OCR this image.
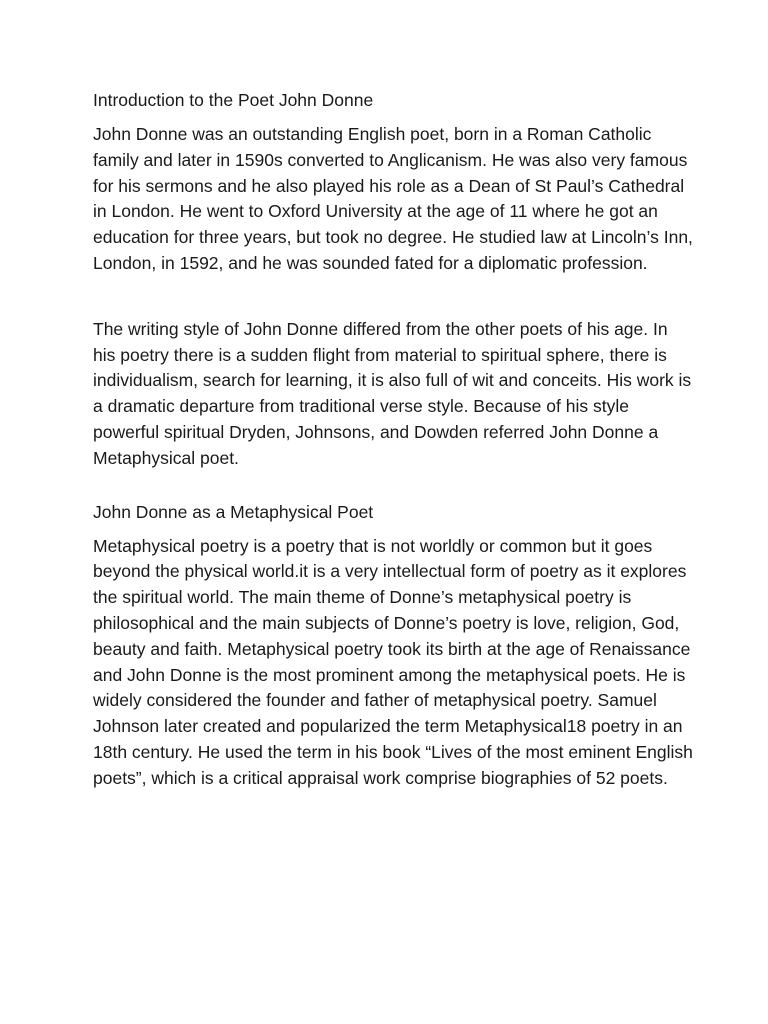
Introduction to the Poet John Donne

John Donne was an outstanding English poet, born in a Roman Catholic family and later in 1590s converted to Anglicanism. He was also very famous for his sermons and he also played his role as a Dean of St Paul’s Cathedral in London. He went to Oxford University at the age of 11 where he got an education for three years, but took no degree. He studied law at Lincoln’s Inn, London, in 1592, and he was sounded fated for a diplomatic profession.

The writing style of John Donne differed from the other poets of his age. In his poetry there is a sudden flight from material to spiritual sphere, there is individualism, search for learning, it is also full of wit and conceits. His work is a dramatic departure from traditional verse style. Because of his style powerful spiritual Dryden, Johnsons, and Dowden referred John Donne a Metaphysical poet.

John Donne as a Metaphysical Poet

Metaphysical poetry is a poetry that is not worldly or common but it goes beyond the physical world.it is a very intellectual form of poetry as it explores the spiritual world. The main theme of Donne’s metaphysical poetry is philosophical and the main subjects of Donne’s poetry is love, religion, God, beauty and faith. Metaphysical poetry took its birth at the age of Renaissance and John Donne is the most prominent among the metaphysical poets. He is widely considered the founder and father of metaphysical poetry. Samuel Johnson later created and popularized the term Metaphysical18 poetry in an 18th century. He used the term in his book “Lives of the most eminent English poets”, which is a critical appraisal work comprise biographies of 52 poets.
